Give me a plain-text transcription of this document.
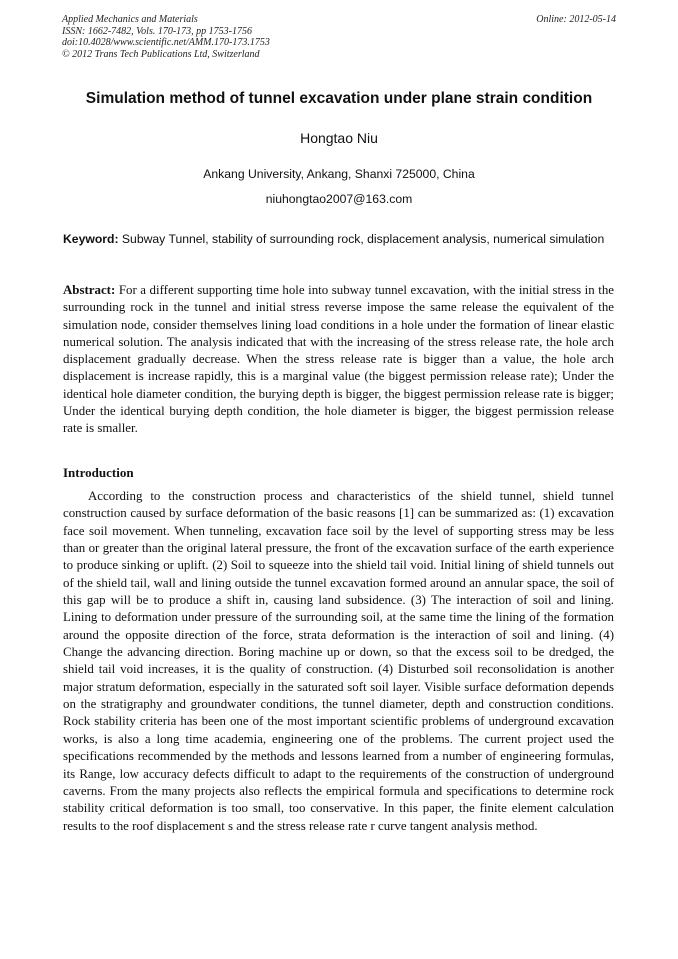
Applied Mechanics and Materials
ISSN: 1662-7482, Vols. 170-173, pp 1753-1756
doi:10.4028/www.scientific.net/AMM.170-173.1753
© 2012 Trans Tech Publications Ltd, Switzerland
Online: 2012-05-14
Simulation method of tunnel excavation under plane strain condition
Hongtao Niu
Ankang University, Ankang, Shanxi 725000, China
niuhongtao2007@163.com
Keyword: Subway Tunnel, stability of surrounding rock, displacement analysis, numerical simulation
Abstract: For a different supporting time hole into subway tunnel excavation, with the initial stress in the surrounding rock in the tunnel and initial stress reverse impose the same release the equivalent of the simulation node, consider themselves lining load conditions in a hole under the formation of linear elastic numerical solution. The analysis indicated that with the increasing of the stress release rate, the hole arch displacement gradually decrease. When the stress release rate is bigger than a value, the hole arch displacement is increase rapidly, this is a marginal value (the biggest permission release rate); Under the identical hole diameter condition, the burying depth is bigger, the biggest permission release rate is bigger; Under the identical burying depth condition, the hole diameter is bigger, the biggest permission release rate is smaller.
Introduction
According to the construction process and characteristics of the shield tunnel, shield tunnel construction caused by surface deformation of the basic reasons [1] can be summarized as: (1) excavation face soil movement. When tunneling, excavation face soil by the level of supporting stress may be less than or greater than the original lateral pressure, the front of the excavation surface of the earth experience to produce sinking or uplift. (2) Soil to squeeze into the shield tail void. Initial lining of shield tunnels out of the shield tail, wall and lining outside the tunnel excavation formed around an annular space, the soil of this gap will be to produce a shift in, causing land subsidence. (3) The interaction of soil and lining. Lining to deformation under pressure of the surrounding soil, at the same time the lining of the formation around the opposite direction of the force, strata deformation is the interaction of soil and lining. (4) Change the advancing direction. Boring machine up or down, so that the excess soil to be dredged, the shield tail void increases, it is the quality of construction. (4) Disturbed soil reconsolidation is another major stratum deformation, especially in the saturated soft soil layer. Visible surface deformation depends on the stratigraphy and groundwater conditions, the tunnel diameter, depth and construction conditions. Rock stability criteria has been one of the most important scientific problems of underground excavation works, is also a long time academia, engineering one of the problems. The current project used the specifications recommended by the methods and lessons learned from a number of engineering formulas, its Range, low accuracy defects difficult to adapt to the requirements of the construction of underground caverns. From the many projects also reflects the empirical formula and specifications to determine rock stability critical deformation is too small, too conservative. In this paper, the finite element calculation results to the roof displacement s and the stress release rate r curve tangent analysis method.
